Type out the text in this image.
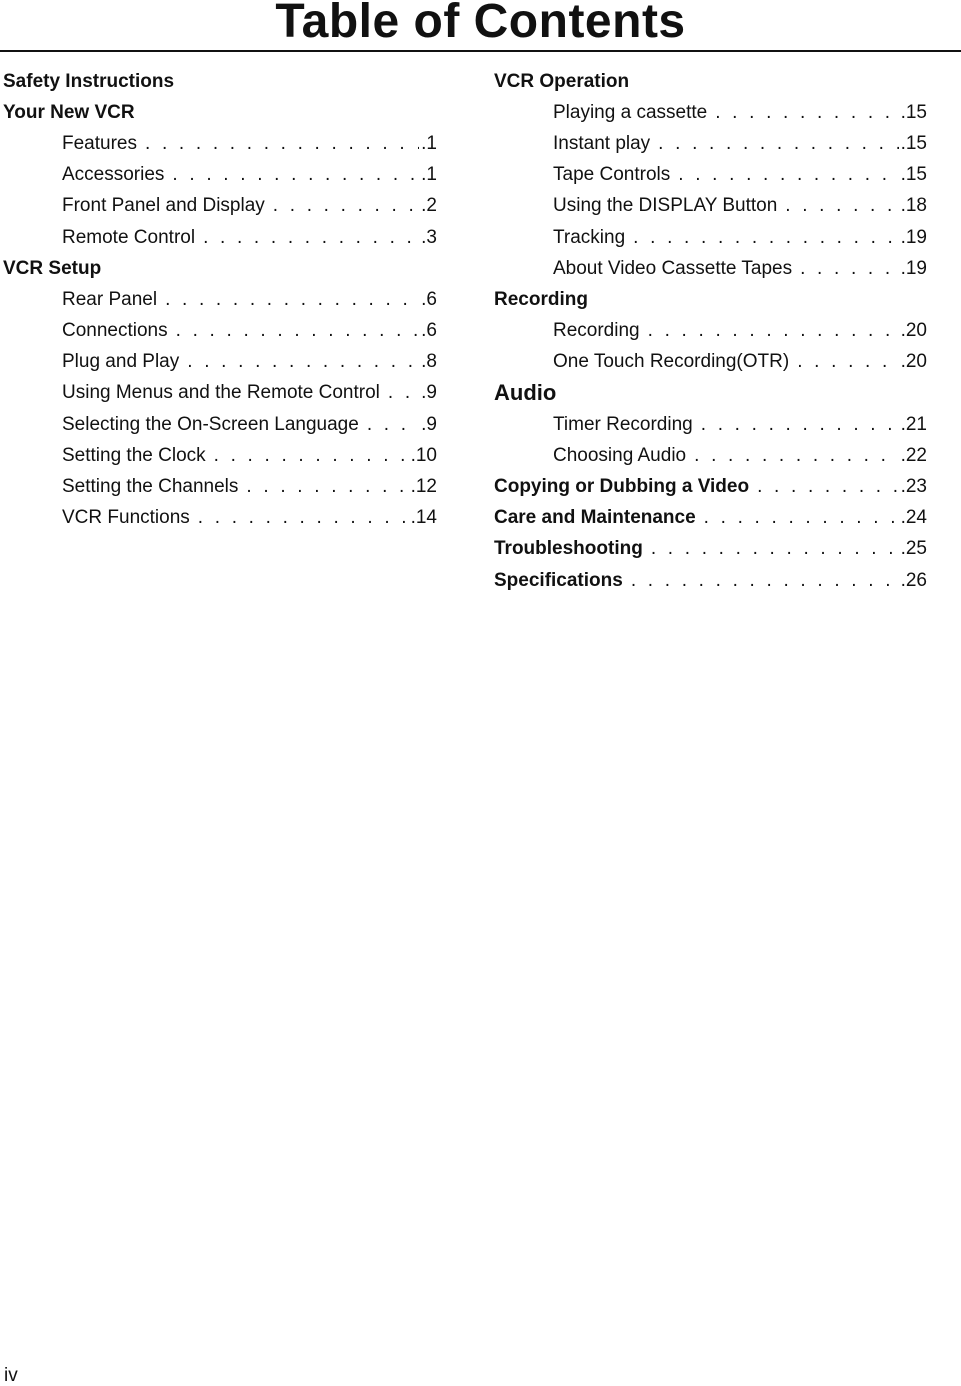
Table of Contents
Safety Instructions
Your New VCR
Features . . .	.1
Accessories . . .	.1
Front Panel and Display . . .	.2
Remote Control . . .	.3
VCR Setup
Rear Panel . . .	.6
Connections . . .	.6
Plug and Play . . .	.8
Using Menus and the Remote Control . . . .9
Selecting the On-Screen Language . . .	.9
Setting the Clock . . .	.10
Setting the Channels . . .	.12
VCR Functions . . .	.14
VCR Operation
Playing a cassette . . .	.15
Instant play . . .	.15
Tape Controls . . .	.15
Using the DISPLAY Button . . .	.18
Tracking . . .	.19
About Video Cassette Tapes . . .	.19
Recording
Recording . . .	.20
One Touch Recording(OTR) . . .	.20
Audio
Timer Recording . . .	.21
Choosing Audio . . .	.22
Copying or Dubbing a Video . . .	.23
Care and Maintenance . . .	.24
Troubleshooting . . .	.25
Specifications . . .	.26
iv
